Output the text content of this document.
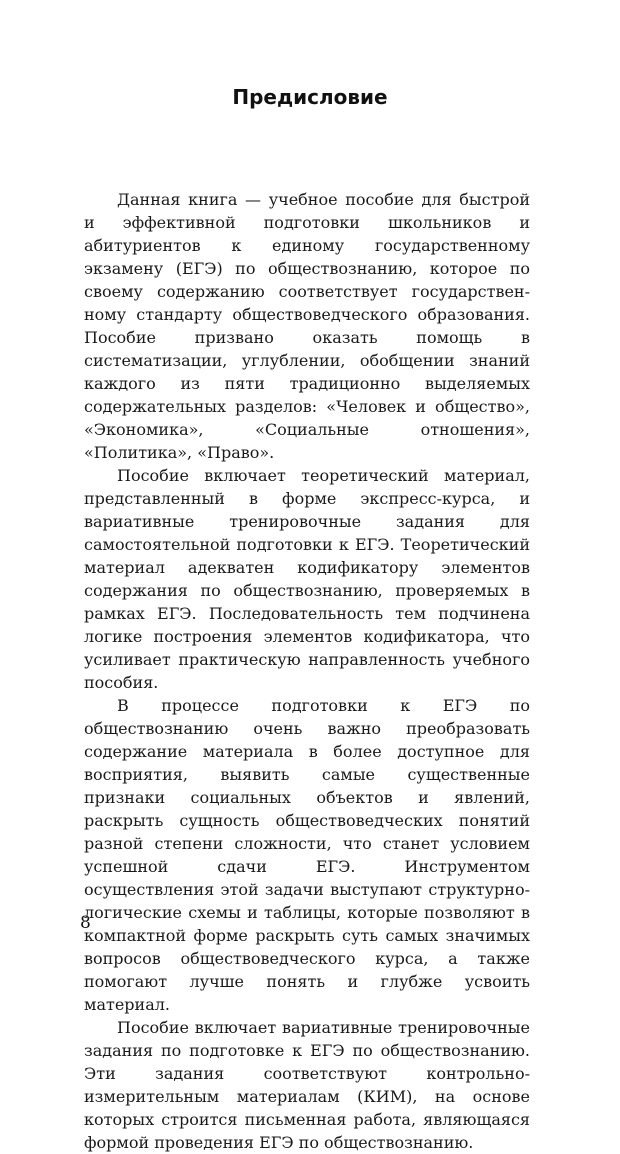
Предисловие

Данная книга — учебное пособие для быстрой и эффективной подготовки школьников и абитуриентов к единому государственному экзамену (ЕГЭ) по обществознанию, которое по своему содержанию соответствует государственному стандарту обществоведческого образования. Пособие призвано оказать помощь в систематизации, углублении, обобщении знаний каждого из пяти традиционно выделяемых содержательных разделов: «Человек и общество», «Экономика», «Социальные отношения», «Политика», «Право».

Пособие включает теоретический материал, представленный в форме экспресс-курса, и вариативные тренировочные задания для самостоятельной подготовки к ЕГЭ. Теоретический материал адекватен кодификатору элементов содержания по обществознанию, проверяемых в рамках ЕГЭ. Последовательность тем подчинена логике построения элементов кодификатора, что усиливает практическую направленность учебного пособия.

В процессе подготовки к ЕГЭ по обществознанию очень важно преобразовать содержание материала в более доступное для восприятия, выявить самые существенные признаки социальных объектов и явлений, раскрыть сущность обществоведческих понятий разной степени сложности, что станет условием успешной сдачи ЕГЭ. Инструментом осуществления этой задачи выступают структурно-логические схемы и таблицы, которые позволяют в компактной форме раскрыть суть самых значимых вопросов обществоведческого курса, а также помогают лучше понять и глубже усвоить материал.

Пособие включает вариативные тренировочные задания по подготовке к ЕГЭ по обществознанию. Эти задания соответствуют контрольно-измерительным материалам (КИМ), на основе которых строится письменная работа, являющаяся формой проведения ЕГЭ по обществознанию.

8
